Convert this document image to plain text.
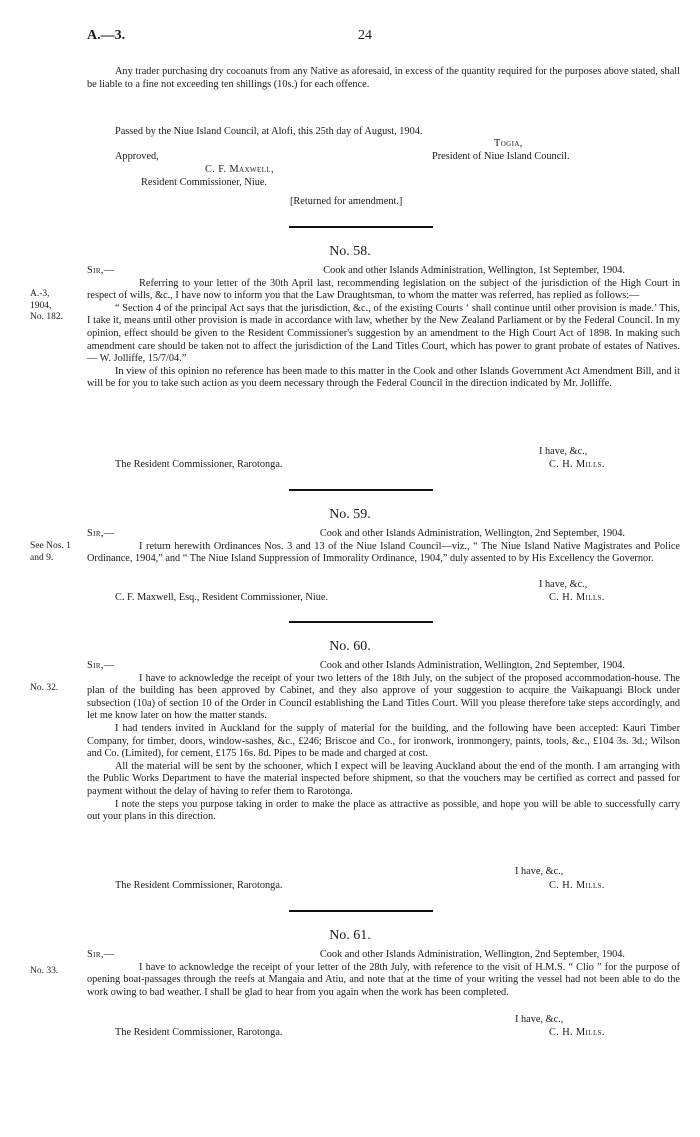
A.—3.	24

Any trader purchasing dry cocoanuts from any Native as aforesaid, in excess of the quantity required for the purposes above stated, shall be liable to a fine not exceeding ten shillings (10s.) for each offence.

Passed by the Niue Island Council, at Alofi, this 25th day of August, 1904.
Togia,
Approved,	President of Niue Island Council.
C. F. Maxwell,
Resident Commissioner, Niue.
[Returned for amendment.]
No. 58.
A.-3,
1904,
No. 182.
Sir,—	Cook and other Islands Administration, Wellington, 1st September, 1904.

Referring to your letter of the 30th April last, recommending legislation on the subject of the jurisdiction of the High Court in respect of wills, &c., I have now to inform you that the Law Draughtsman, to whom the matter was referred, has replied as follows:—

“ Section 4 of the principal Act says that the jurisdiction, &c., of the existing Courts ‘ shall continue until other provision is made.’ This, I take it, means until other provision is made in accordance with law, whether by the New Zealand Parliament or by the Federal Council. In my opinion, effect should be given to the Resident Commissioner's suggestion by an amendment to the High Court Act of 1898. In making such amendment care should be taken not to affect the jurisdiction of the Land Titles Court, which has power to grant probate of estates of Natives.— W. Jolliffe, 15/7/04.”

In view of this opinion no reference has been made to this matter in the Cook and other Islands Government Act Amendment Bill, and it will be for you to take such action as you deem necessary through the Federal Council in the direction indicated by Mr. Jolliffe.

I have, &c.,
The Resident Commissioner, Rarotonga.	C. H. Mills.
No. 59.
See Nos. 1
and 9.
Sir,—	Cook and other Islands Administration, Wellington, 2nd September, 1904.

I return herewith Ordinances Nos. 3 and 13 of the Niue Island Council—viz., “ The Niue Island Native Magistrates and Police Ordinance, 1904,” and “ The Niue Island Suppression of Immorality Ordinance, 1904,” duly assented to by His Excellency the Governor.

I have, &c.,
C. F. Maxwell, Esq., Resident Commissioner, Niue.	C. H. Mills.
No. 60.
No. 32.
Sir,—	Cook and other Islands Administration, Wellington, 2nd September, 1904.

I have to acknowledge the receipt of your two letters of the 18th July, on the subject of the proposed accommodation-house. The plan of the building has been approved by Cabinet, and they also approve of your suggestion to acquire the Vaikapuangi Block under subsection (10a) of section 10 of the Order in Council establishing the Land Titles Court. Will you please therefore take steps accordingly, and let me know later on how the matter stands.

I had tenders invited in Auckland for the supply of material for the building, and the following have been accepted: Kauri Timber Company, for timber, doors, window-sashes, &c., £246; Briscoe and Co., for ironwork, ironmongery, paints, tools, &c., £104 3s. 3d.; Wilson and Co. (Limited), for cement, £175 16s. 8d. Pipes to be made and charged at cost.

All the material will be sent by the schooner, which I expect will be leaving Auckland about the end of the month. I am arranging with the Public Works Department to have the material inspected before shipment, so that the vouchers may be certified as correct and passed for payment without the delay of having to refer them to Rarotonga.

I note the steps you purpose taking in order to make the place as attractive as possible, and hope you will be able to successfully carry out your plans in this direction.

I have, &c.,
The Resident Commissioner, Rarotonga.	C. H. Mills.
No. 61.
No. 33.
Sir,—	Cook and other Islands Administration, Wellington, 2nd September, 1904.

I have to acknowledge the receipt of your letter of the 28th July, with reference to the visit of H.M.S. “ Clio ” for the purpose of opening boat-passages through the reefs at Mangaia and Atiu, and note that at the time of your writing the vessel had not been able to do the work owing to bad weather. I shall be glad to hear from you again when the work has been completed.

I have, &c.,
The Resident Commissioner, Rarotonga.	C. H. Mills.
